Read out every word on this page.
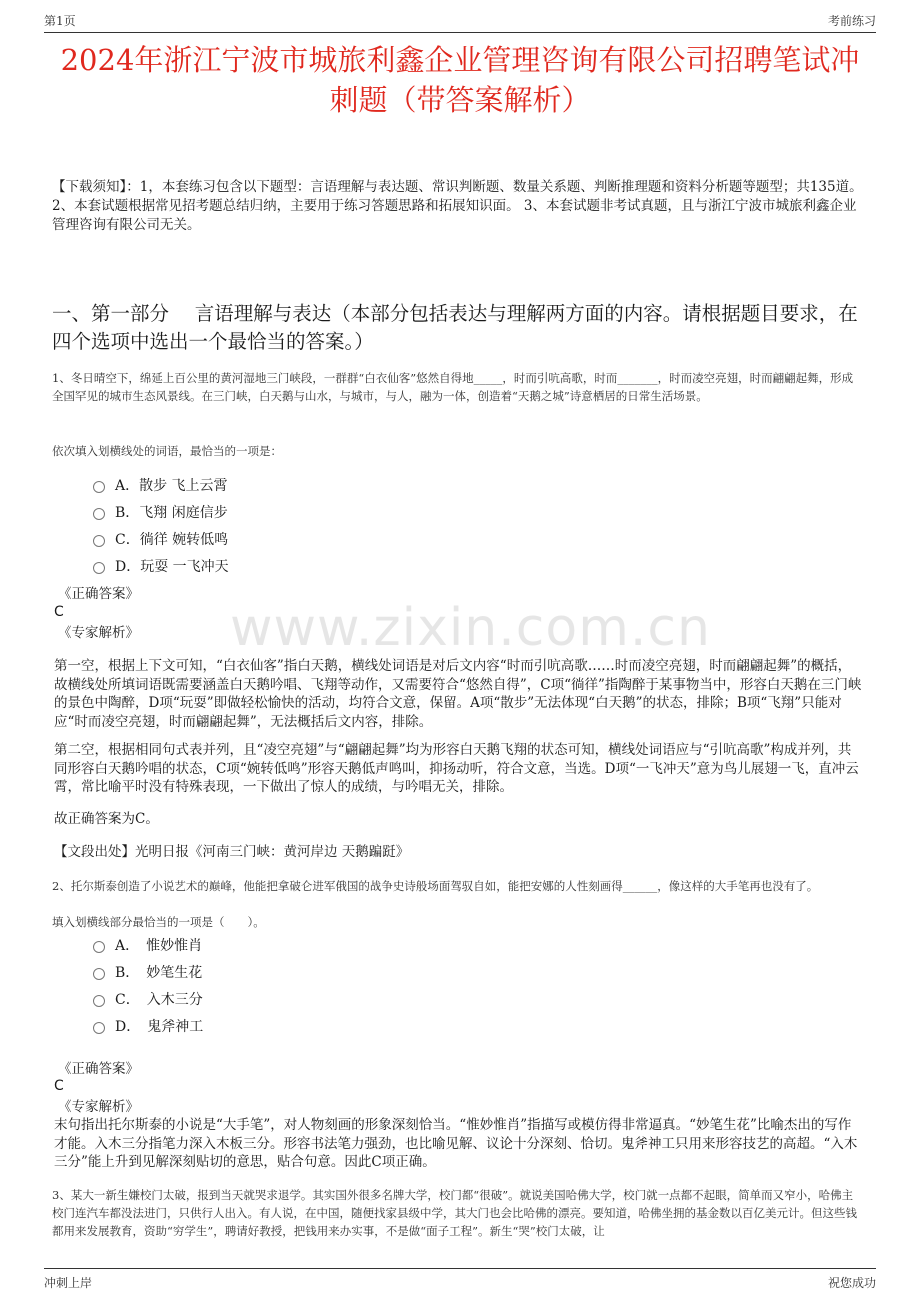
第1页	考前练习
www.zixin.com.cn
2024年浙江宁波市城旅利鑫企业管理咨询有限公司招聘笔试冲刺题（带答案解析）
【下载须知】：1，本套练习包含以下题型：言语理解与表达题、常识判断题、数量关系题、判断推理题和资料分析题等题型；共135道。 2、本套试题根据常见招考题总结归纳，主要用于练习答题思路和拓展知识面。 3、本套试题非考试真题，且与浙江宁波市城旅利鑫企业管理咨询有限公司无关。
一、第一部分　 言语理解与表达（本部分包括表达与理解两方面的内容。请根据题目要求，在四个选项中选出一个最恰当的答案。）
1、冬日晴空下，绵延上百公里的黄河湿地三门峡段，一群群“白衣仙客”悠然自得地_____，时而引吭高歌，时而_______，时而凌空亮翅，时而翩翩起舞，形成全国罕见的城市生态风景线。在三门峡，白天鹅与山水，与城市，与人，融为一体，创造着“天鹅之城”诗意栖居的日常生活场景。
依次填入划横线处的词语，最恰当的一项是：
A．散步 飞上云霄
B．飞翔 闲庭信步
C．徜徉 婉转低鸣
D．玩耍 一飞冲天
《正确答案》
C
《专家解析》
第一空，根据上下文可知，“白衣仙客”指白天鹅，横线处词语是对后文内容“时而引吭高歌……时而凌空亮翅，时而翩翩起舞”的概括，故横线处所填词语既需要涵盖白天鹅吟唱、飞翔等动作，又需要符合“悠然自得”，C项“徜徉”指陶醉于某事物当中，形容白天鹅在三门峡的景色中陶醉，D项“玩耍”即做轻松愉快的活动，均符合文意，保留。A项“散步”无法体现“白天鹅”的状态，排除；B项“飞翔”只能对应“时而凌空亮翅，时而翩翩起舞”，无法概括后文内容，排除。
第二空，根据相同句式表并列，且“凌空亮翅”与“翩翩起舞”均为形容白天鹅飞翔的状态可知，横线处词语应与“引吭高歌”构成并列，共同形容白天鹅吟唱的状态，C项“婉转低鸣”形容天鹅低声鸣叫，抑扬动听，符合文意，当选。D项“一飞冲天”意为鸟儿展翅一飞，直冲云霄，常比喻平时没有特殊表现，一下做出了惊人的成绩，与吟唱无关，排除。
故正确答案为C。
【文段出处】光明日报《河南三门峡：黄河岸边 天鹅蹁跹》
2、托尔斯泰创造了小说艺术的巅峰，他能把拿破仑进军俄国的战争史诗般场面驾驭自如，能把安娜的人性刻画得______，像这样的大手笔再也没有了。
填入划横线部分最恰当的一项是（　　）。
A．　惟妙惟肖
B．　妙笔生花
C．　入木三分
D．　鬼斧神工
《正确答案》
C
《专家解析》
末句指出托尔斯泰的小说是“大手笔”，对人物刻画的形象深刻恰当。“惟妙惟肖”指描写或模仿得非常逼真。“妙笔生花”比喻杰出的写作才能。入木三分指笔力深入木板三分。形容书法笔力强劲，也比喻见解、议论十分深刻、恰切。鬼斧神工只用来形容技艺的高超。“入木三分”能上升到见解深刻贴切的意思，贴合句意。因此C项正确。
3、某大一新生嫌校门太破，报到当天就哭求退学。其实国外很多名牌大学，校门都“很破”。就说美国哈佛大学，校门就一点都不起眼，简单而又窄小，哈佛主校门连汽车都没法进门，只供行人出入。有人说，在中国，随便找家县级中学，其大门也会比哈佛的漂亮。要知道，哈佛坐拥的基金数以百亿美元计。但这些钱都用来发展教育，资助“穷学生”，聘请好教授，把钱用来办实事，不是做“面子工程”。新生“哭”校门太破，让
冲刺上岸	祝您成功
